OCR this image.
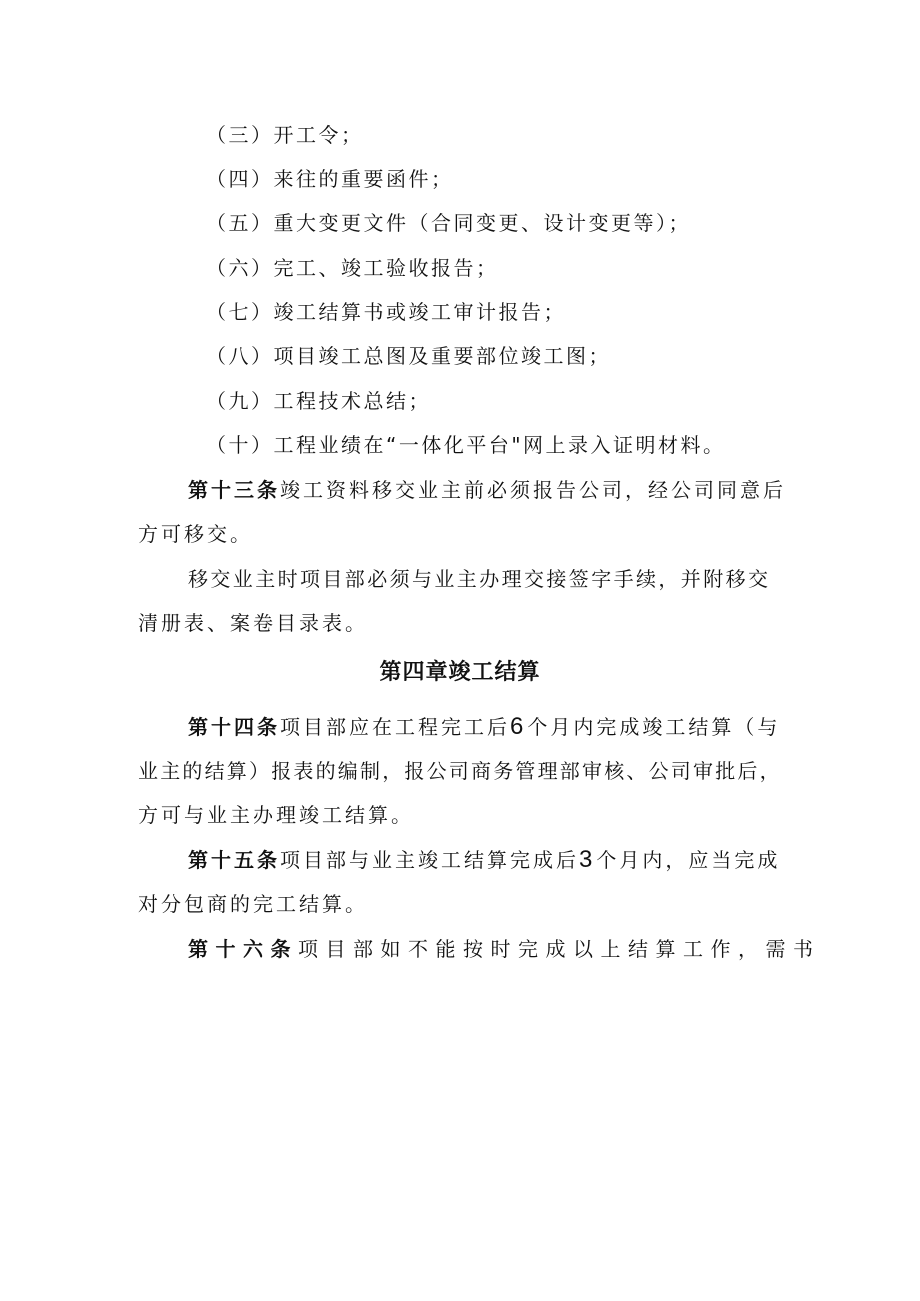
（三）开工令；
（四）来往的重要函件；
（五）重大变更文件（合同变更、设计变更等）；
（六）完工、竣工验收报告；
（七）竣工结算书或竣工审计报告；
（八）项目竣工总图及重要部位竣工图；
（九）工程技术总结；
（十）工程业绩在“一体化平台"网上录入证明材料。
第十三条竣工资料移交业主前必须报告公司，经公司同意后
方可移交。
移交业主时项目部必须与业主办理交接签字手续，并附移交
清册表、案卷目录表。
第四章竣工结算
第十四条项目部应在工程完工后6个月内完成竣工结算（与
业主的结算）报表的编制，报公司商务管理部审核、公司审批后，
方可与业主办理竣工结算。
第十五条项目部与业主竣工结算完成后3个月内，应当完成
对分包商的完工结算。
第十六条项目部如不能按时完成以上结算工作，需书
